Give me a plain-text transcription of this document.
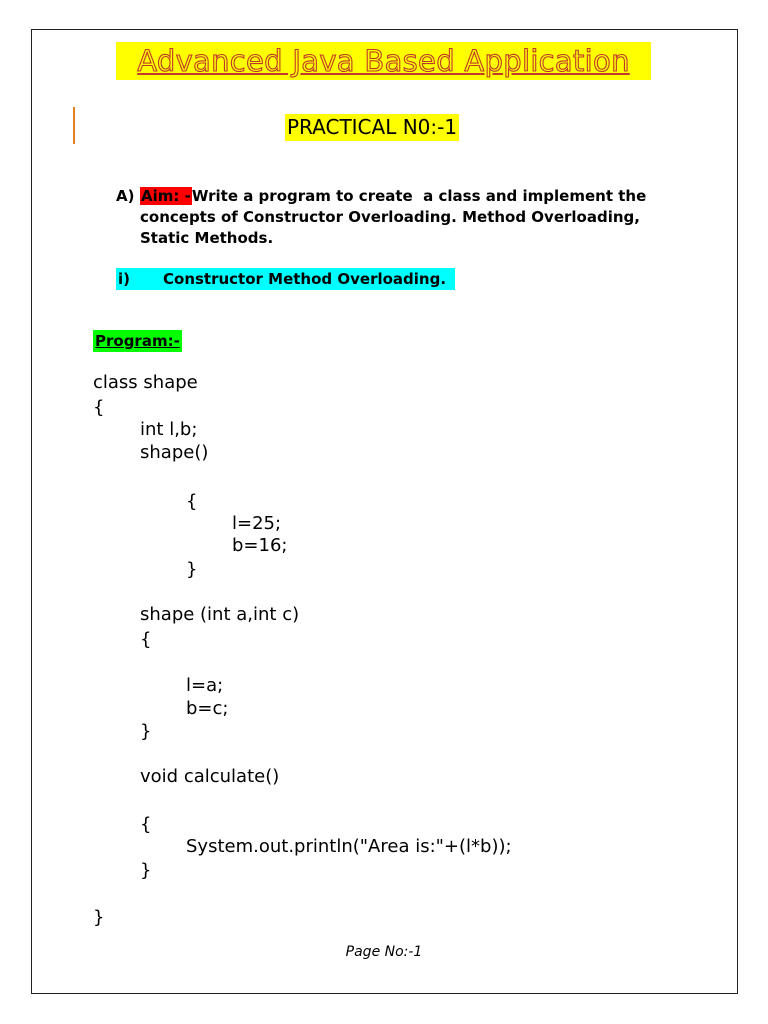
Advanced Java Based Application
PRACTICAL N0:-1
A) Aim: -Write a program to create  a class and implement the
concepts of Constructor Overloading. Method Overloading,
Static Methods.
i) Constructor Method Overloading.
Program:-
class shape
{
int l,b;
shape()
{
l=25;
b=16;
}
shape (int a,int c)
{
l=a;
b=c;
}
void calculate()
{
System.out.println("Area is:"+(l*b));
}
}
Page No:-1
